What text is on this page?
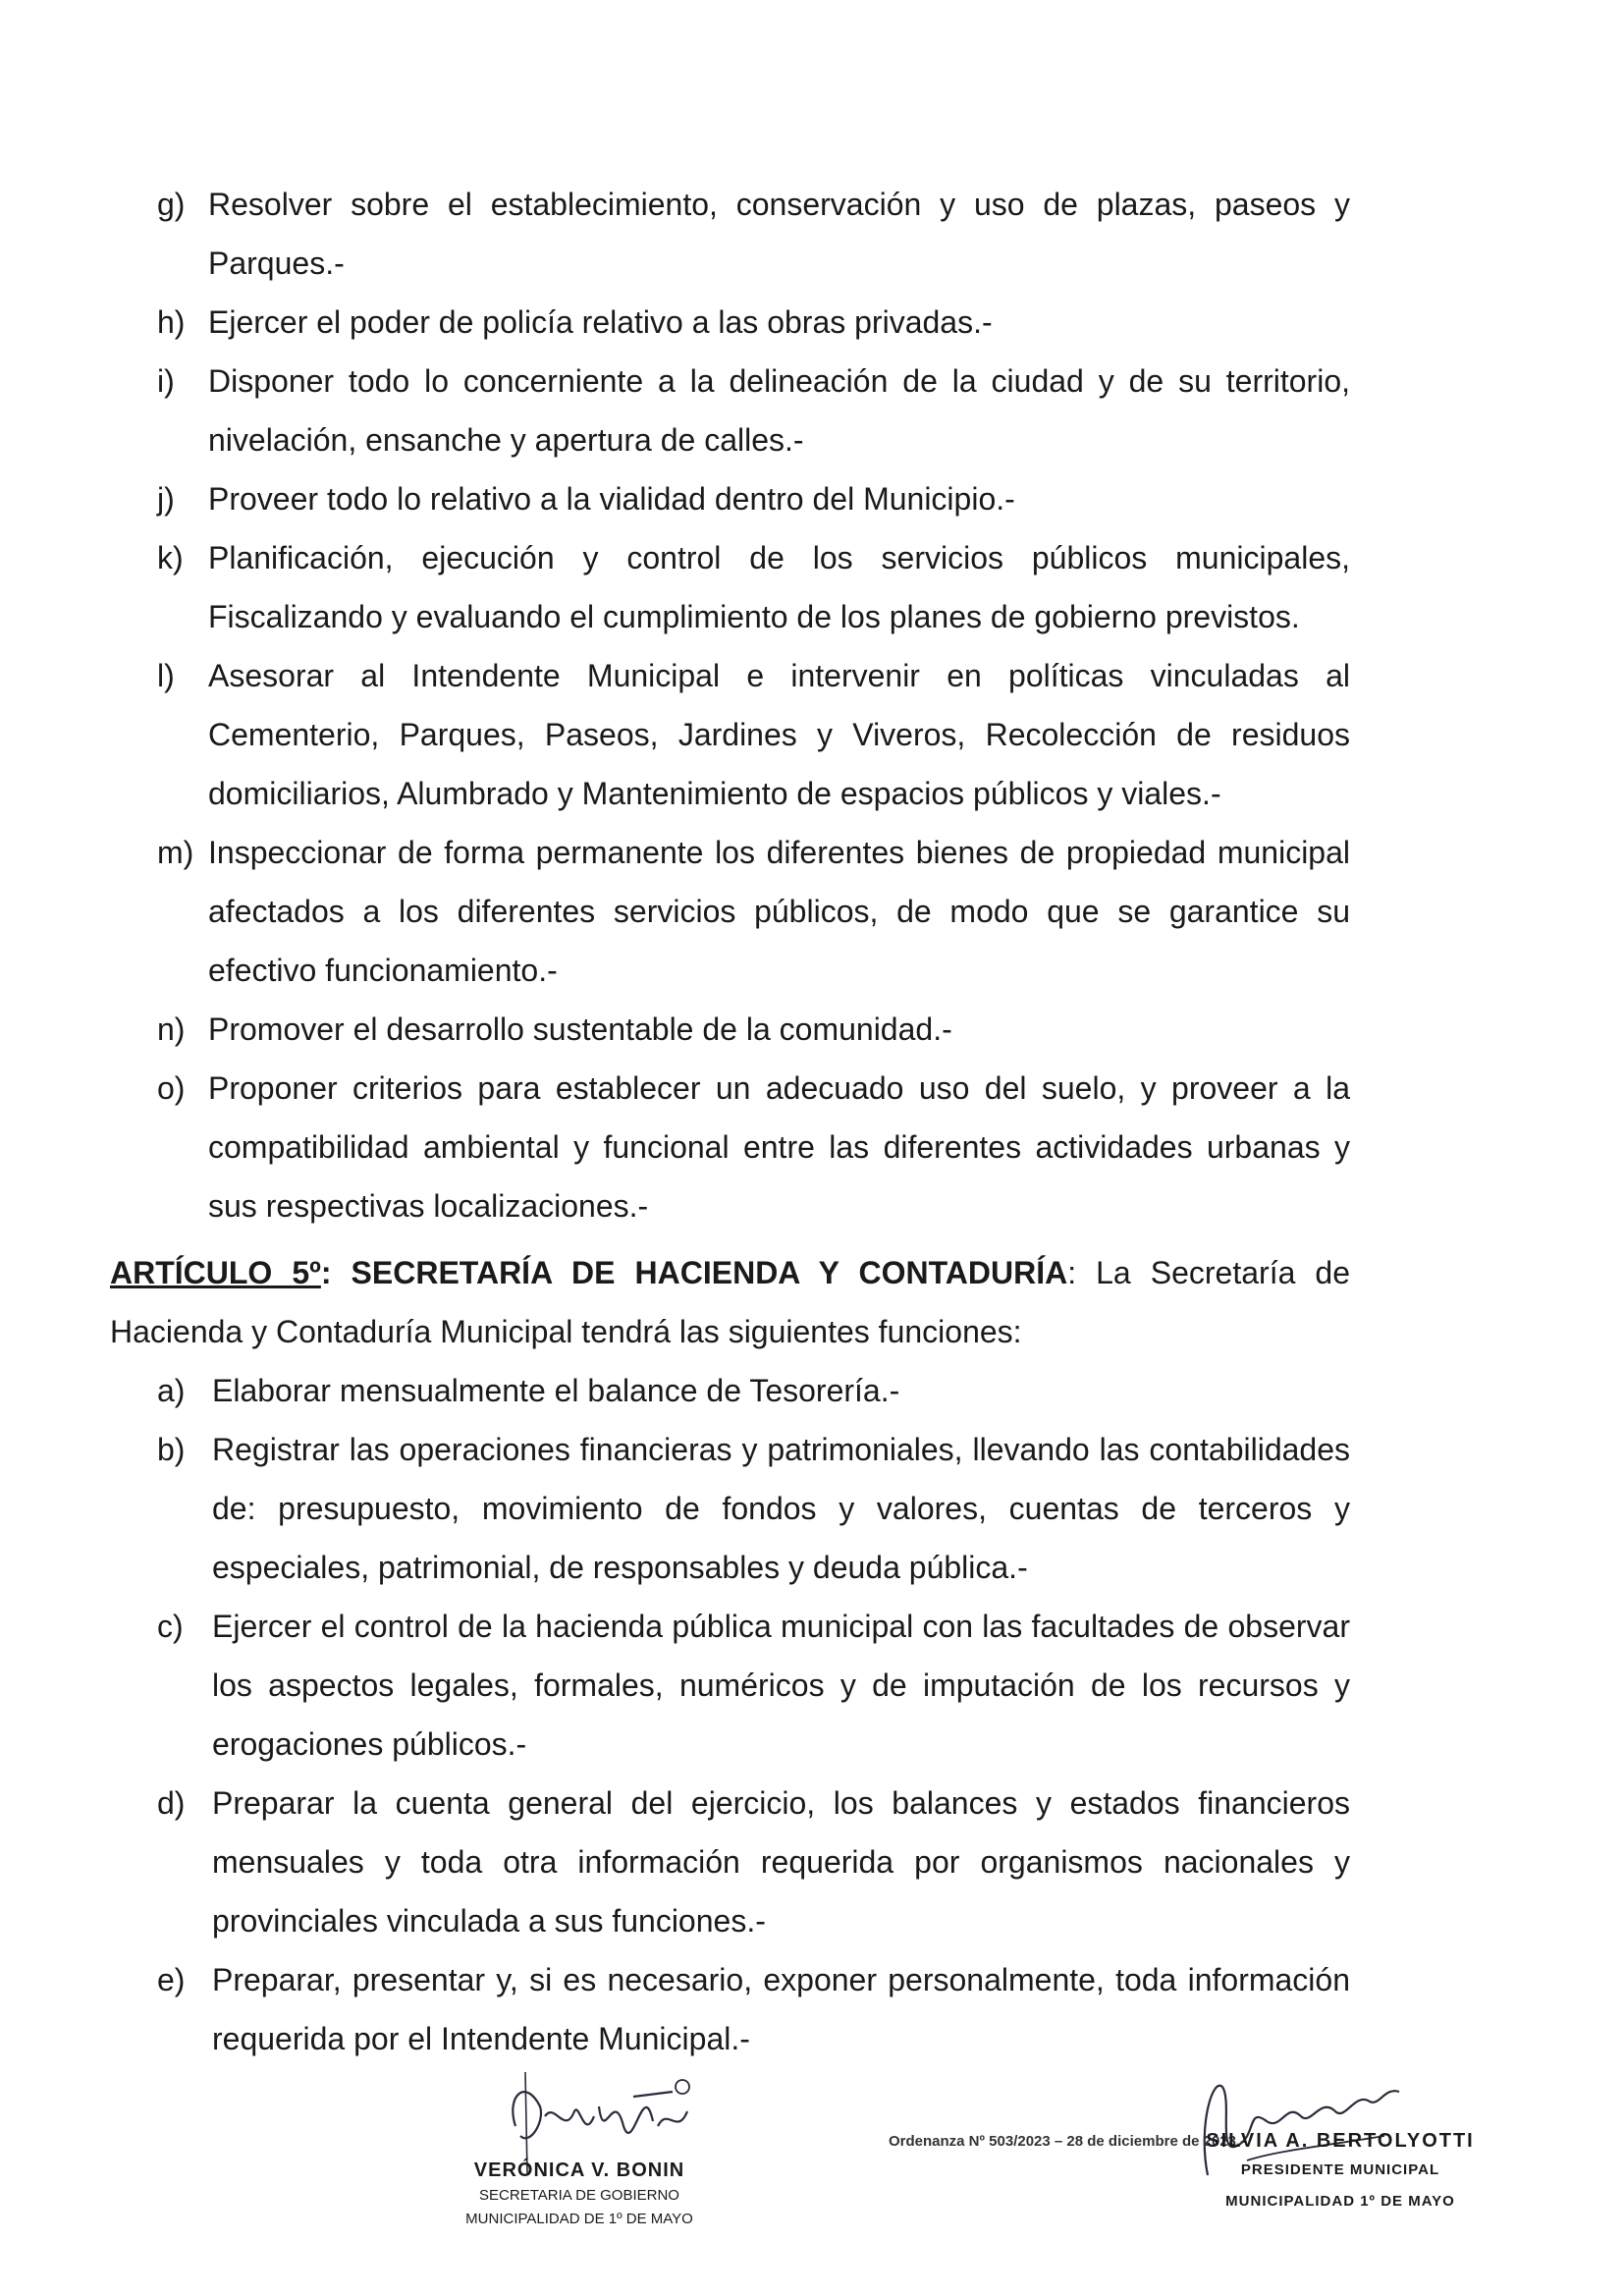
g) Resolver sobre el establecimiento, conservación y uso de plazas, paseos y Parques.-
h) Ejercer el poder de policía relativo a las obras privadas.-
i)	Disponer todo lo concerniente a la delineación de la ciudad y de su territorio, nivelación, ensanche y apertura de calles.-
j)	Proveer todo lo relativo a la vialidad dentro del Municipio.-
k) Planificación, ejecución y control de los servicios públicos municipales, Fiscalizando y evaluando el cumplimiento de los planes de gobierno previstos.
l)	Asesorar al Intendente Municipal e intervenir en políticas vinculadas al Cementerio, Parques, Paseos, Jardines y Viveros, Recolección de residuos domiciliarios, Alumbrado y Mantenimiento de espacios públicos y viales.-
m) Inspeccionar de forma permanente los diferentes bienes de propiedad municipal afectados a los diferentes servicios públicos, de modo que se garantice su efectivo funcionamiento.-
n) Promover el desarrollo sustentable de la comunidad.-
o) Proponer criterios para establecer un adecuado uso del suelo, y proveer a la compatibilidad ambiental y funcional entre las diferentes actividades urbanas y sus respectivas localizaciones.-
ARTÍCULO 5º: SECRETARÍA DE HACIENDA Y CONTADURÍA: La Secretaría de Hacienda y Contaduría Municipal tendrá las siguientes funciones:
a) Elaborar mensualmente el balance de Tesorería.-
b) Registrar las operaciones financieras y patrimoniales, llevando las contabilidades de: presupuesto, movimiento de fondos y valores, cuentas de terceros y especiales, patrimonial, de responsables y deuda pública.-
c) Ejercer el control de la hacienda pública municipal con las facultades de observar los aspectos legales, formales, numéricos y de imputación de los recursos y erogaciones públicos.-
d) Preparar la cuenta general del ejercicio, los balances y estados financieros mensuales y toda otra información requerida por organismos nacionales y provinciales vinculada a sus funciones.-
e) Preparar, presentar y, si es necesario, exponer personalmente, toda información requerida por el Intendente Municipal.-
Ordenanza Nº 503/2023 – 28 de diciembre de 2023.-
VERÓNICA V. BONIN
SECRETARIA DE GOBIERNO
MUNICIPALIDAD DE 1º DE MAYO
SILVIA A. BERTOLYOTTI
PRESIDENTE MUNICIPAL
MUNICIPALIDAD 1º DE MAYO
